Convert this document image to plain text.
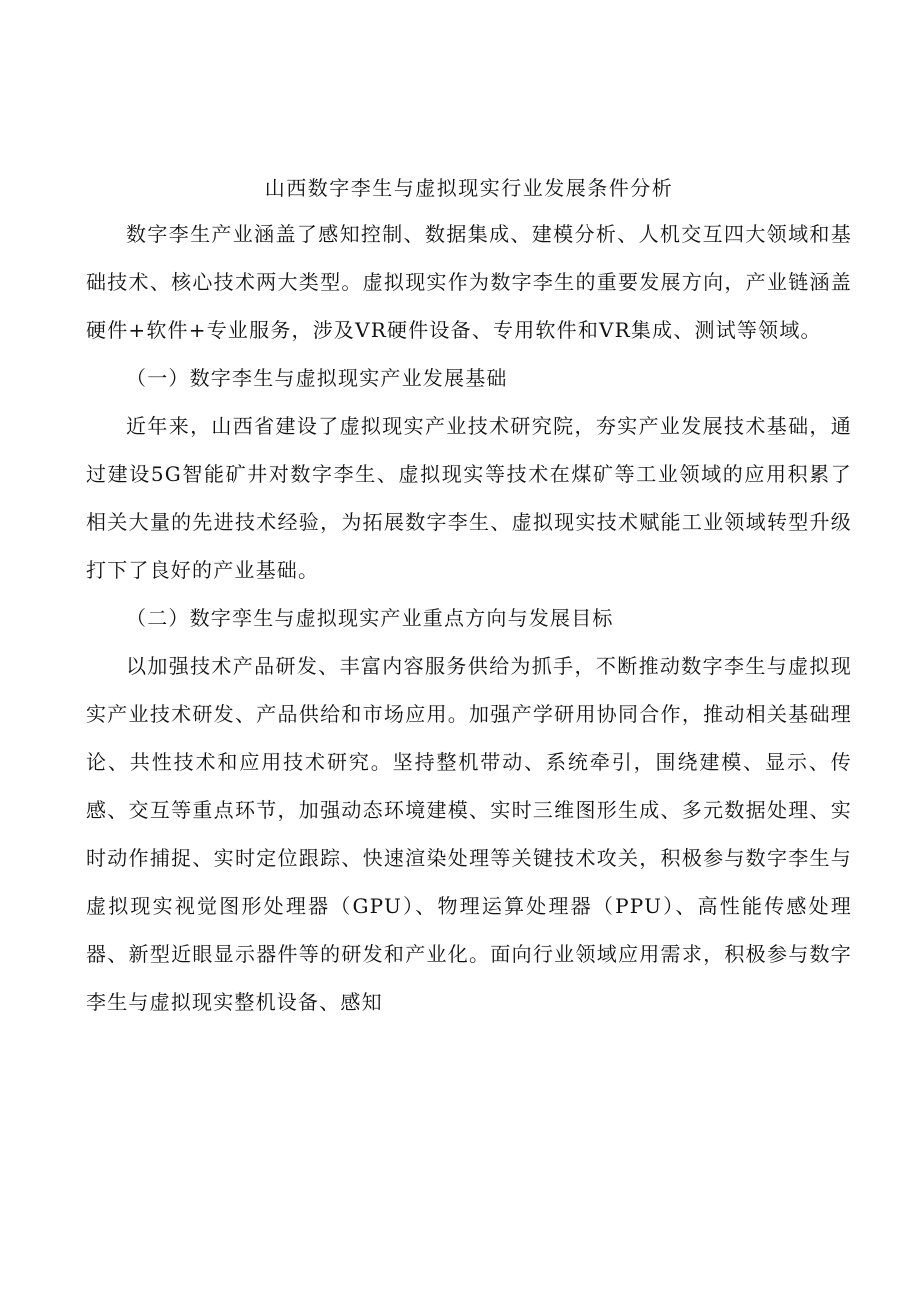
山西数字李生与虚拟现实行业发展条件分析

数字李生产业涵盖了感知控制、数据集成、建模分析、人机交互四大领域和基础技术、核心技术两大类型。虚拟现实作为数字李生的重要发展方向，产业链涵盖硬件+软件+专业服务，涉及VR硬件设备、专用软件和VR集成、测试等领域。

（一）数字李生与虚拟现实产业发展基础

近年来，山西省建设了虚拟现实产业技术研究院，夯实产业发展技术基础，通过建设5G智能矿井对数字李生、虚拟现实等技术在煤矿等工业领域的应用积累了相关大量的先进技术经验，为拓展数字李生、虚拟现实技术赋能工业领域转型升级打下了良好的产业基础。

（二）数字孪生与虚拟现实产业重点方向与发展目标

以加强技术产品研发、丰富内容服务供给为抓手，不断推动数字李生与虚拟现实产业技术研发、产品供给和市场应用。加强产学研用协同合作，推动相关基础理论、共性技术和应用技术研究。坚持整机带动、系统牵引，围绕建模、显示、传感、交互等重点环节，加强动态环境建模、实时三维图形生成、多元数据处理、实时动作捕捉、实时定位跟踪、快速渲染处理等关键技术攻关，积极参与数字李生与虚拟现实视觉图形处理器（GPU）、物理运算处理器（PPU）、高性能传感处理器、新型近眼显示器件等的研发和产业化。面向行业领域应用需求，积极参与数字李生与虚拟现实整机设备、感知
